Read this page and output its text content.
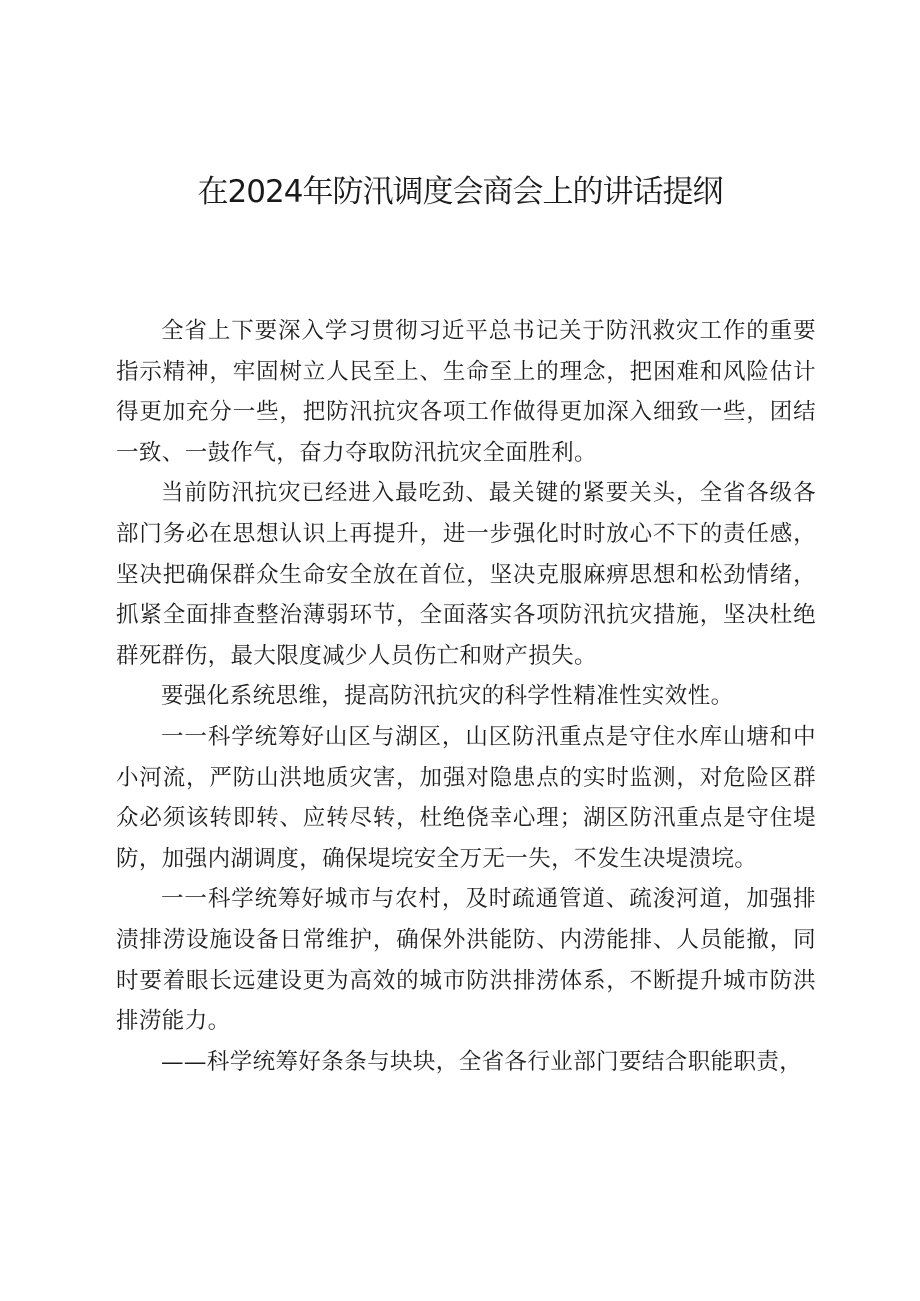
在2024年防汛调度会商会上的讲话提纲

全省上下要深入学习贯彻习近平总书记关于防汛救灾工作的重要指示精神，牢固树立人民至上、生命至上的理念，把困难和风险估计得更加充分一些，把防汛抗灾各项工作做得更加深入细致一些，团结一致、一鼓作气，奋力夺取防汛抗灾全面胜利。

当前防汛抗灾已经进入最吃劲、最关键的紧要关头，全省各级各部门务必在思想认识上再提升，进一步强化时时放心不下的责任感，坚决把确保群众生命安全放在首位，坚决克服麻痹思想和松劲情绪，抓紧全面排查整治薄弱环节，全面落实各项防汛抗灾措施，坚决杜绝群死群伤，最大限度减少人员伤亡和财产损失。

要强化系统思维，提高防汛抗灾的科学性精准性实效性。

一一科学统筹好山区与湖区，山区防汛重点是守住水库山塘和中小河流，严防山洪地质灾害，加强对隐患点的实时监测，对危险区群众必须该转即转、应转尽转，杜绝侥幸心理；湖区防汛重点是守住堤防，加强内湖调度，确保堤垸安全万无一失，不发生决堤溃垸。

一一科学统筹好城市与农村，及时疏通管道、疏浚河道，加强排渍排涝设施设备日常维护，确保外洪能防、内涝能排、人员能撤，同时要着眼长远建设更为高效的城市防洪排涝体系，不断提升城市防洪排涝能力。

——科学统筹好条条与块块，全省各行业部门要结合职能职责，
